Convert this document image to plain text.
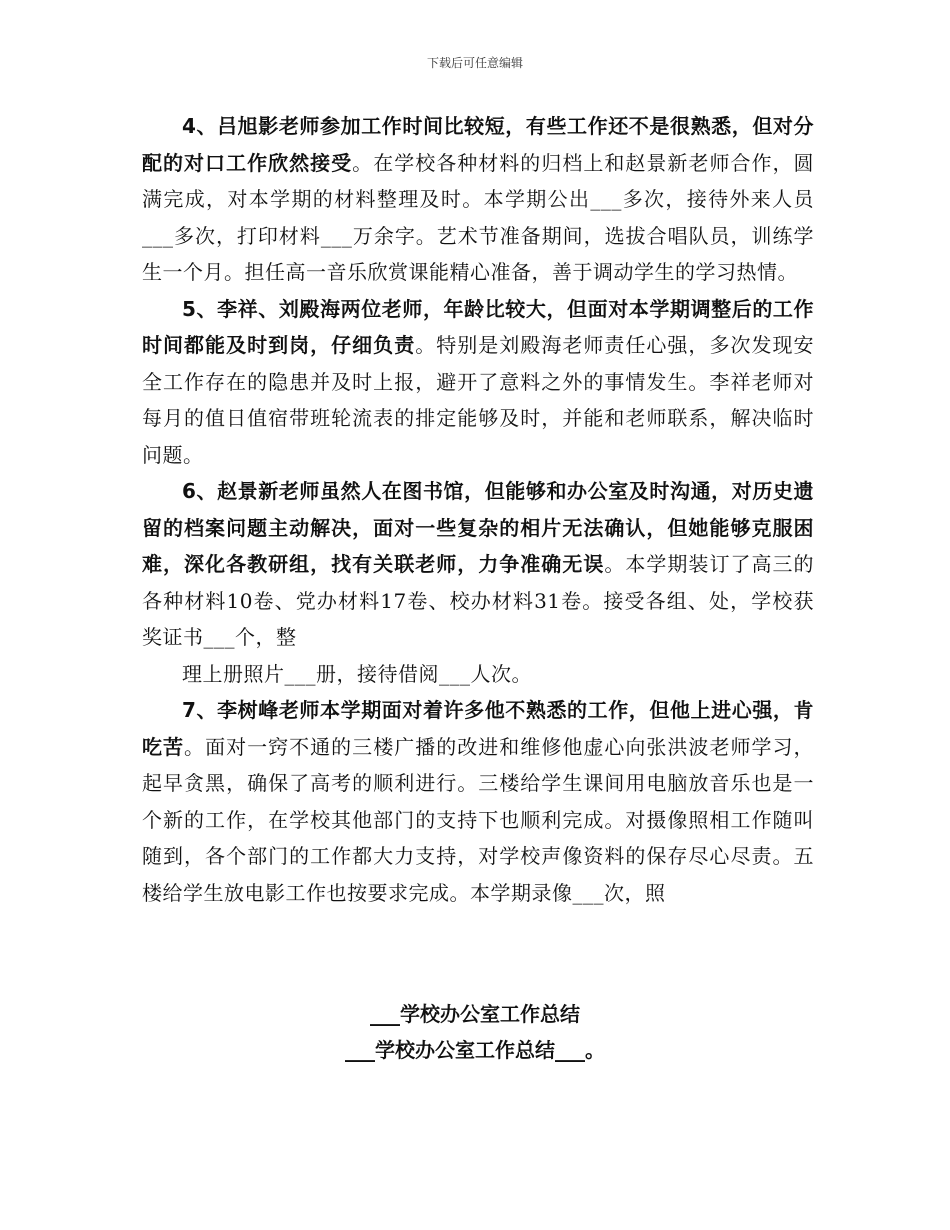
下载后可任意编辑

4、吕旭影老师参加工作时间比较短，有些工作还不是很熟悉，但对分配的对口工作欣然接受。在学校各种材料的归档上和赵景新老师合作，圆满完成，对本学期的材料整理及时。本学期公出___多次，接待外来人员___多次，打印材料___万余字。艺术节准备期间，选拔合唱队员，训练学生一个月。担任高一音乐欣赏课能精心准备，善于调动学生的学习热情。

5、李祥、刘殿海两位老师，年龄比较大，但面对本学期调整后的工作时间都能及时到岗，仔细负责。特别是刘殿海老师责任心强，多次发现安全工作存在的隐患并及时上报，避开了意料之外的事情发生。李祥老师对每月的值日值宿带班轮流表的排定能够及时，并能和老师联系，解决临时问题。

6、赵景新老师虽然人在图书馆，但能够和办公室及时沟通，对历史遗留的档案问题主动解决，面对一些复杂的相片无法确认，但她能够克服困难，深化各教研组，找有关联老师，力争准确无误。本学期装订了高三的各种材料10卷、党办材料17卷、校办材料31卷。接受各组、处，学校获奖证书___个，整

理上册照片___册，接待借阅___人次。

7、李树峰老师本学期面对着许多他不熟悉的工作，但他上进心强，肯吃苦。面对一窍不通的三楼广播的改进和维修他虚心向张洪波老师学习，起早贪黑，确保了高考的顺利进行。三楼给学生课间用电脑放音乐也是一个新的工作，在学校其他部门的支持下也顺利完成。对摄像照相工作随叫随到，各个部门的工作都大力支持，对学校声像资料的保存尽心尽责。五楼给学生放电影工作也按要求完成。本学期录像___次，照

___学校办公室工作总结

___学校办公室工作总结___。
